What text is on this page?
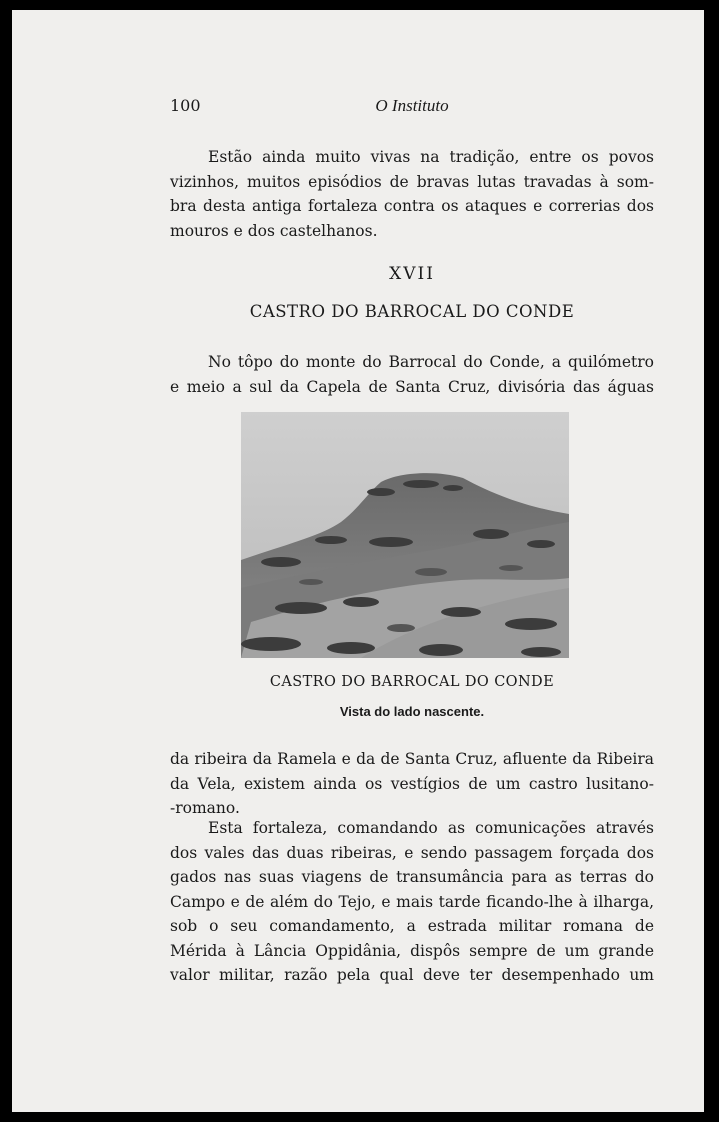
100	O Instituto

Estão ainda muito vivas na tradição, entre os povos
vizinhos, muitos episódios de bravas lutas travadas à som-
bra desta antiga fortaleza contra os ataques e correrias dos
mouros e dos castelhanos.

XVII
CASTRO DO BARROCAL DO CONDE

No tôpo do monte do Barrocal do Conde, a quilómetro
e meio a sul da Capela de Santa Cruz, divisória das águas

CASTRO DO BARROCAL DO CONDE
Vista do lado nascente.

da ribeira da Ramela e da de Santa Cruz, afluente da Ribeira
da Vela, existem ainda os vestígios de um castro lusitano-
-romano.

Esta fortaleza, comandando as comunicações através
dos vales das duas ribeiras, e sendo passagem forçada dos
gados nas suas viagens de transumância para as terras do
Campo e de além do Tejo, e mais tarde ficando-lhe à ilharga,
sob o seu comandamento, a estrada militar romana de
Mérida à Lância Oppidânia, dispôs sempre de um grande
valor militar, razão pela qual deve ter desempenhado um
